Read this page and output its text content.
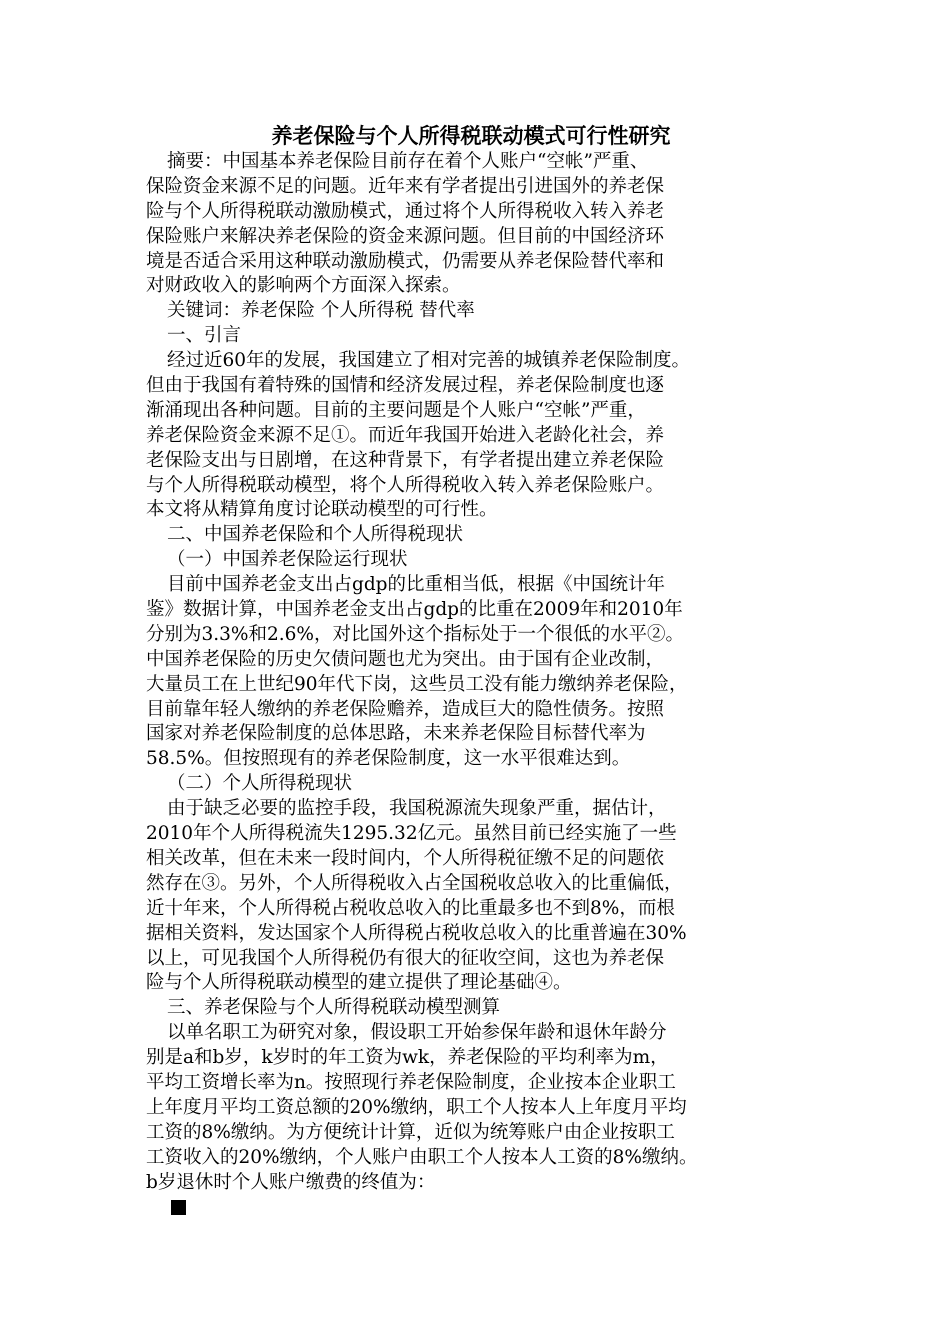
养老保险与个人所得税联动模式可行性研究
摘要：中国基本养老保险目前存在着个人账户“空帐”严重、
保险资金来源不足的问题。近年来有学者提出引进国外的养老保
险与个人所得税联动激励模式，通过将个人所得税收入转入养老
保险账户来解决养老保险的资金来源问题。但目前的中国经济环
境是否适合采用这种联动激励模式，仍需要从养老保险替代率和
对财政收入的影响两个方面深入探索。
关键词：养老保险 个人所得税 替代率
一、引言
经过近60年的发展，我国建立了相对完善的城镇养老保险制度。
但由于我国有着特殊的国情和经济发展过程，养老保险制度也逐
渐涌现出各种问题。目前的主要问题是个人账户“空帐”严重，
养老保险资金来源不足①。而近年我国开始进入老龄化社会，养
老保险支出与日剧增，在这种背景下，有学者提出建立养老保险
与个人所得税联动模型，将个人所得税收入转入养老保险账户。
本文将从精算角度讨论联动模型的可行性。
二、中国养老保险和个人所得税现状
（一）中国养老保险运行现状
目前中国养老金支出占gdp的比重相当低，根据《中国统计年
鉴》数据计算，中国养老金支出占gdp的比重在2009年和2010年
分别为3.3%和2.6%，对比国外这个指标处于一个很低的水平②。
中国养老保险的历史欠债问题也尤为突出。由于国有企业改制，
大量员工在上世纪90年代下岗，这些员工没有能力缴纳养老保险，
目前靠年轻人缴纳的养老保险赡养，造成巨大的隐性债务。按照
国家对养老保险制度的总体思路，未来养老保险目标替代率为
58.5%。但按照现有的养老保险制度，这一水平很难达到。
（二）个人所得税现状
由于缺乏必要的监控手段，我国税源流失现象严重，据估计，
2010年个人所得税流失1295.32亿元。虽然目前已经实施了一些
相关改革，但在未来一段时间内，个人所得税征缴不足的问题依
然存在③。另外，个人所得税收入占全国税收总收入的比重偏低，
近十年来，个人所得税占税收总收入的比重最多也不到8%，而根
据相关资料，发达国家个人所得税占税收总收入的比重普遍在30%
以上，可见我国个人所得税仍有很大的征收空间，这也为养老保
险与个人所得税联动模型的建立提供了理论基础④。
三、养老保险与个人所得税联动模型测算
以单名职工为研究对象，假设职工开始参保年龄和退休年龄分
别是a和b岁，k岁时的年工资为wk，养老保险的平均利率为m，
平均工资增长率为n。按照现行养老保险制度，企业按本企业职工
上年度月平均工资总额的20%缴纳，职工个人按本人上年度月平均
工资的8%缴纳。为方便统计计算，近似为统筹账户由企业按职工
工资收入的20%缴纳，个人账户由职工个人按本人工资的8%缴纳。
b岁退休时个人账户缴费的终值为：
